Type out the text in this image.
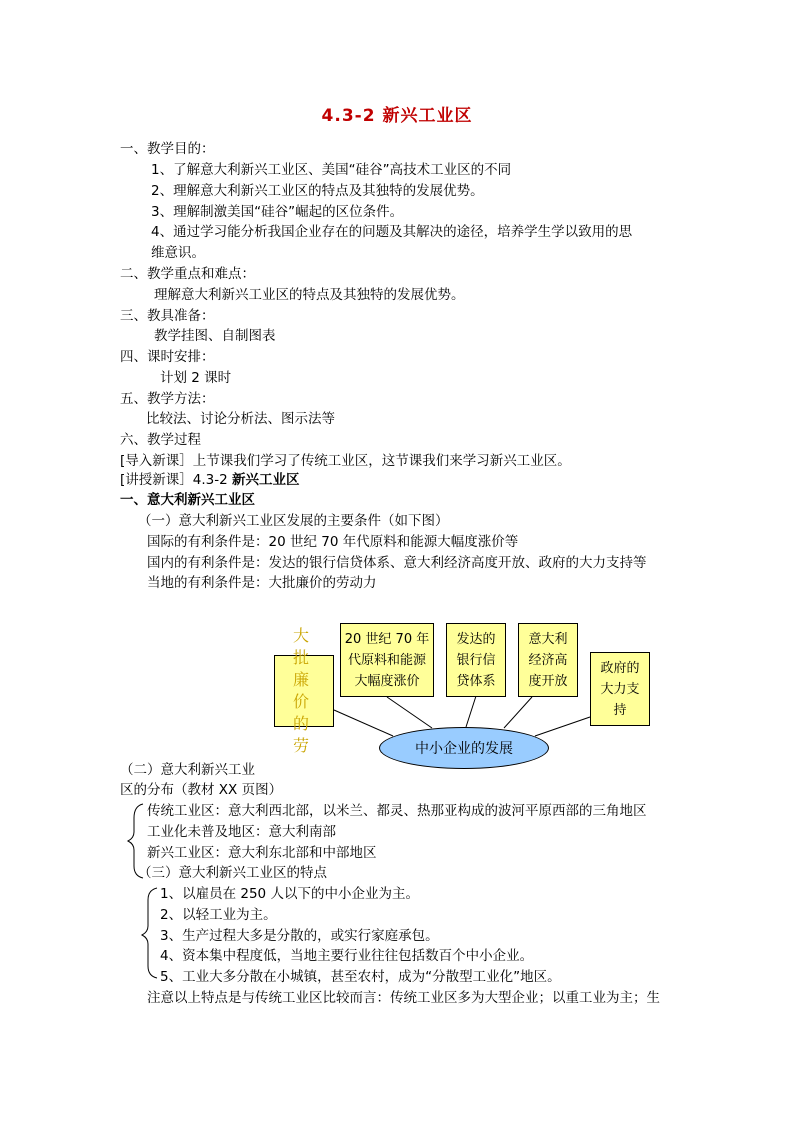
4.3-2 新兴工业区
一、教学目的：
1、了解意大利新兴工业区、美国“硅谷”高技术工业区的不同
2、理解意大利新兴工业区的特点及其独特的发展优势。
3、理解制激美国“硅谷”崛起的区位条件。
4、通过学习能分析我国企业存在的问题及其解决的途径，培养学生学以致用的思
维意识。
二、教学重点和难点：
理解意大利新兴工业区的特点及其独特的发展优势。
三、教具准备：
教学挂图、自制图表
四、课时安排：
计划 2 课时
五、教学方法：
比较法、讨论分析法、图示法等
六、教学过程
[导入新课］上节课我们学习了传统工业区，这节课我们来学习新兴工业区。
[讲授新课］4.3-2 新兴工业区
一、意大利新兴工业区
（一）意大利新兴工业区发展的主要条件（如下图）
国际的有利条件是：20 世纪 70 年代原料和能源大幅度涨价等
国内的有利条件是：发达的银行信贷体系、意大利经济高度开放、政府的大力支持等
当地的有利条件是：大批廉价的劳动力
大 批 廉 价 的 劳
20 世纪 70 年代原料和能源大幅度涨价
发达的银行信贷体系
意大利经济高度开放
政府的大力支持
中小企业的发展
（二）意大利新兴工业
区的分布（教材 XX 页图）
传统工业区：意大利西北部，以米兰、都灵、热那亚构成的波河平原西部的三角地区
工业化未普及地区：意大利南部
新兴工业区：意大利东北部和中部地区
（三）意大利新兴工业区的特点
1、以雇员在 250 人以下的中小企业为主。
2、以轻工业为主。
3、生产过程大多是分散的，或实行家庭承包。
4、资本集中程度低，当地主要行业往往包括数百个中小企业。
5、工业大多分散在小城镇，甚至农村，成为“分散型工业化”地区。
注意以上特点是与传统工业区比较而言：传统工业区多为大型企业；以重工业为主；生
